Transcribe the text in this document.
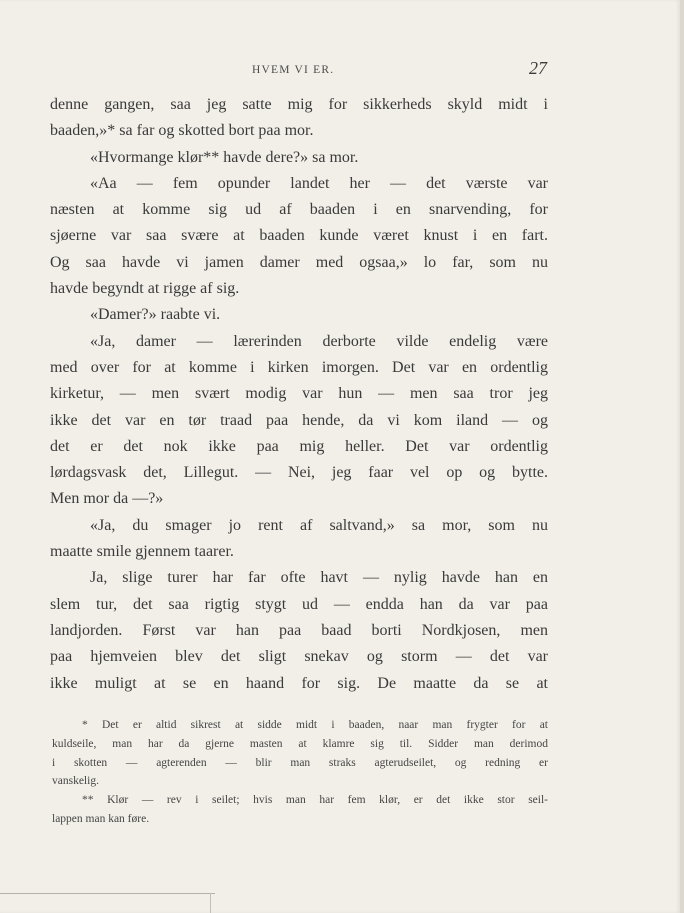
HVEM VI ER.	27
denne gangen, saa jeg satte mig for sikkerheds skyld midt i
baaden,»* sa far og skotted bort paa mor.
«Hvormange klør** havde dere?» sa mor.
«Aa — fem opunder landet her — det værste var
næsten at komme sig ud af baaden i en snarvending, for
sjøerne var saa svære at baaden kunde været knust i en fart.
Og saa havde vi jamen damer med ogsaa,» lo far, som nu
havde begyndt at rigge af sig.
«Damer?» raabte vi.
«Ja, damer — lærerinden derborte vilde endelig være
med over for at komme i kirken imorgen. Det var en ordentlig
kirketur, — men svært modig var hun — men saa tror jeg
ikke det var en tør traad paa hende, da vi kom iland — og
det er det nok ikke paa mig heller. Det var ordentlig
lørdagsvask det, Lillegut. — Nei, jeg faar vel op og bytte.
Men mor da —?»
«Ja, du smager jo rent af saltvand,» sa mor, som nu
maatte smile gjennem taarer.
Ja, slige turer har far ofte havt — nylig havde han en
slem tur, det saa rigtig stygt ud — endda han da var paa
landjorden. Først var han paa baad borti Nordkjosen, men
paa hjemveien blev det sligt snekav og storm — det var
ikke muligt at se en haand for sig. De maatte da se at
* Det er altid sikrest at sidde midt i baaden, naar man frygter for at
kuldseile, man har da gjerne masten at klamre sig til. Sidder man derimod
i skotten — agterenden — blir man straks agterudseilet, og redning er
vanskelig.
** Klør — rev i seilet; hvis man har fem klør, er det ikke stor seil-
lappen man kan føre.
